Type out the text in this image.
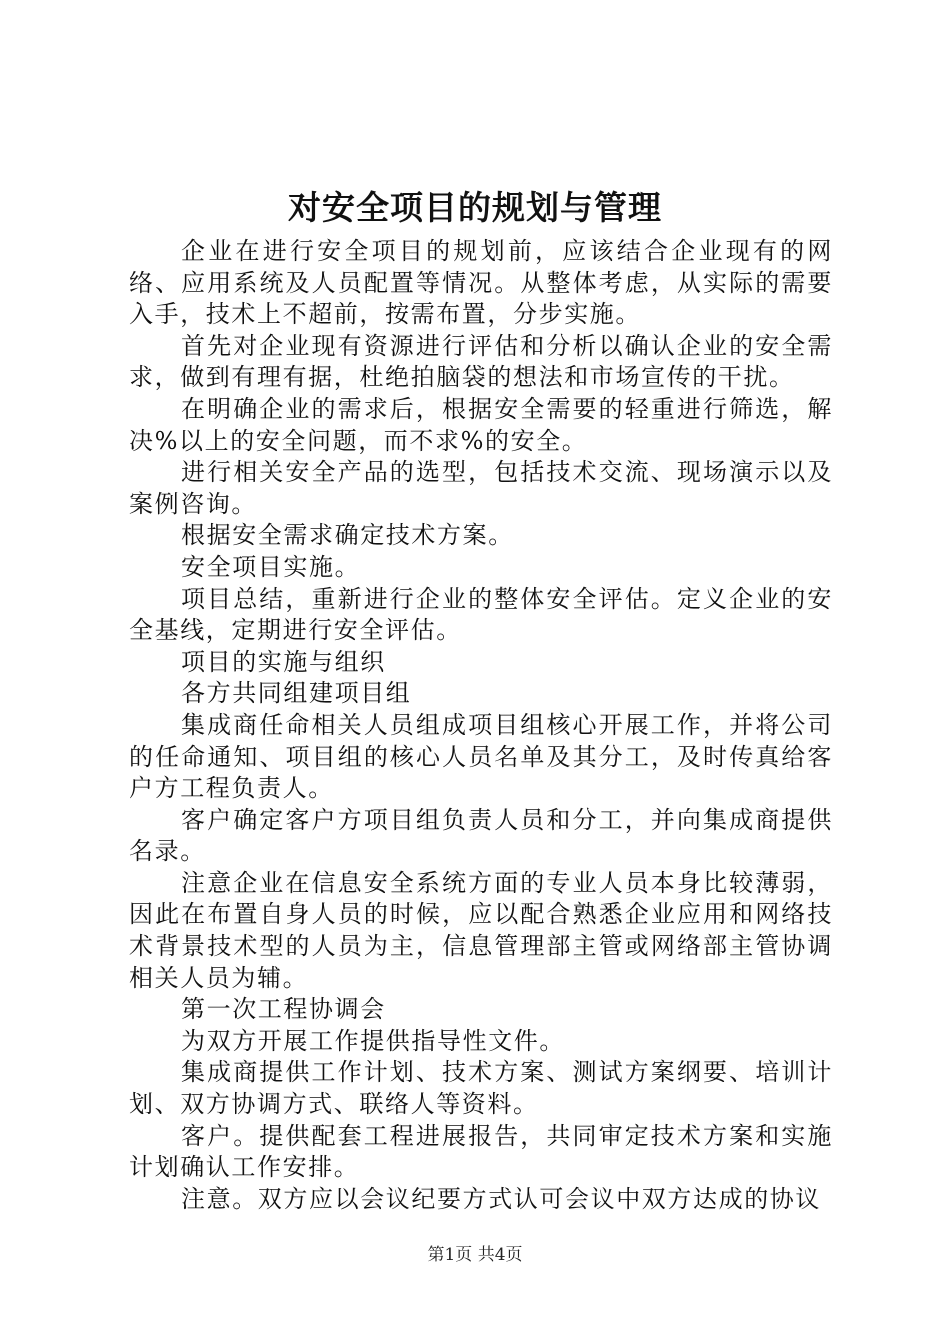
对安全项目的规划与管理

企业在进行安全项目的规划前，应该结合企业现有的网络、应用系统及人员配置等情况。从整体考虑，从实际的需要入手，技术上不超前，按需布置，分步实施。

首先对企业现有资源进行评估和分析以确认企业的安全需求，做到有理有据，杜绝拍脑袋的想法和市场宣传的干扰。

在明确企业的需求后，根据安全需要的轻重进行筛选，解决%以上的安全问题，而不求%的安全。

进行相关安全产品的选型，包括技术交流、现场演示以及案例咨询。

根据安全需求确定技术方案。

安全项目实施。

项目总结，重新进行企业的整体安全评估。定义企业的安全基线，定期进行安全评估。

项目的实施与组织

各方共同组建项目组

集成商任命相关人员组成项目组核心开展工作，并将公司的任命通知、项目组的核心人员名单及其分工，及时传真给客户方工程负责人。

客户确定客户方项目组负责人员和分工，并向集成商提供名录。

注意企业在信息安全系统方面的专业人员本身比较薄弱，因此在布置自身人员的时候，应以配合熟悉企业应用和网络技术背景技术型的人员为主，信息管理部主管或网络部主管协调相关人员为辅。

第一次工程协调会

为双方开展工作提供指导性文件。

集成商提供工作计划、技术方案、测试方案纲要、培训计划、双方协调方式、联络人等资料。

客户。提供配套工程进展报告，共同审定技术方案和实施计划确认工作安排。

注意。双方应以会议纪要方式认可会议中双方达成的协议

第1页 共4页
